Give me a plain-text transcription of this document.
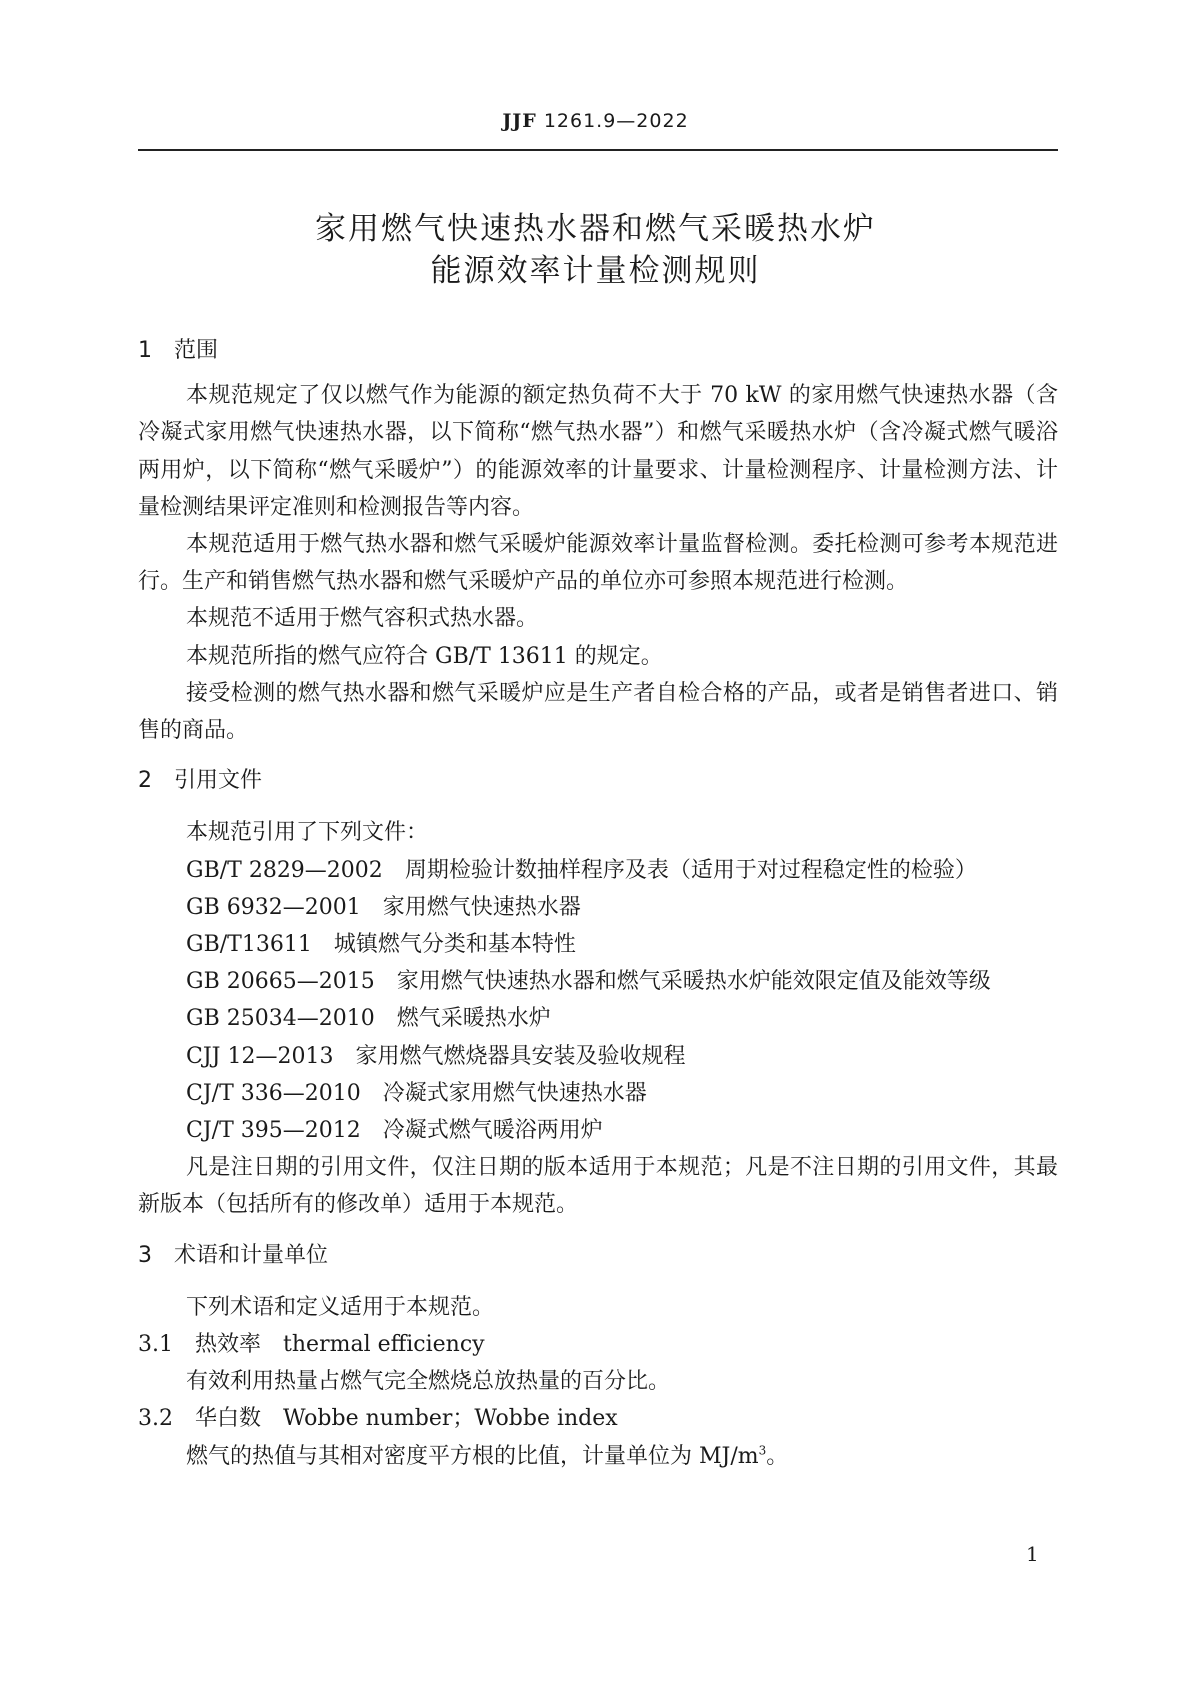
JJF 1261.9—2022
家用燃气快速热水器和燃气采暖热水炉
能源效率计量检测规则

1　范围

本规范规定了仅以燃气作为能源的额定热负荷不大于 70 kW 的家用燃气快速热水器（含冷凝式家用燃气快速热水器，以下简称“燃气热水器”）和燃气采暖热水炉（含冷凝式燃气暖浴两用炉，以下简称“燃气采暖炉”）的能源效率的计量要求、计量检测程序、计量检测方法、计量检测结果评定准则和检测报告等内容。

本规范适用于燃气热水器和燃气采暖炉能源效率计量监督检测。委托检测可参考本规范进行。生产和销售燃气热水器和燃气采暖炉产品的单位亦可参照本规范进行检测。

本规范不适用于燃气容积式热水器。

本规范所指的燃气应符合 GB/T 13611 的规定。

接受检测的燃气热水器和燃气采暖炉应是生产者自检合格的产品，或者是销售者进口、销售的商品。

2　引用文件

本规范引用了下列文件：

GB/T 2829—2002　 周期检验计数抽样程序及表（适用于对过程稳定性的检验）

GB 6932—2001　 家用燃气快速热水器

GB/T13611　 城镇燃气分类和基本特性

GB 20665—2015　 家用燃气快速热水器和燃气采暖热水炉能效限定值及能效等级

GB 25034—2010　 燃气采暖热水炉

CJJ 12—2013　 家用燃气燃烧器具安装及验收规程

CJ/T 336—2010　 冷凝式家用燃气快速热水器

CJ/T 395—2012　 冷凝式燃气暖浴两用炉

凡是注日期的引用文件，仅注日期的版本适用于本规范；凡是不注日期的引用文件，其最新版本（包括所有的修改单）适用于本规范。

3　术语和计量单位

下列术语和定义适用于本规范。

3.1　 热效率　 thermal efficiency

有效利用热量占燃气完全燃烧总放热量的百分比。

3.2　 华白数　 Wobbe number；Wobbe index

燃气的热值与其相对密度平方根的比值，计量单位为 $MJ/m^3$。

1
